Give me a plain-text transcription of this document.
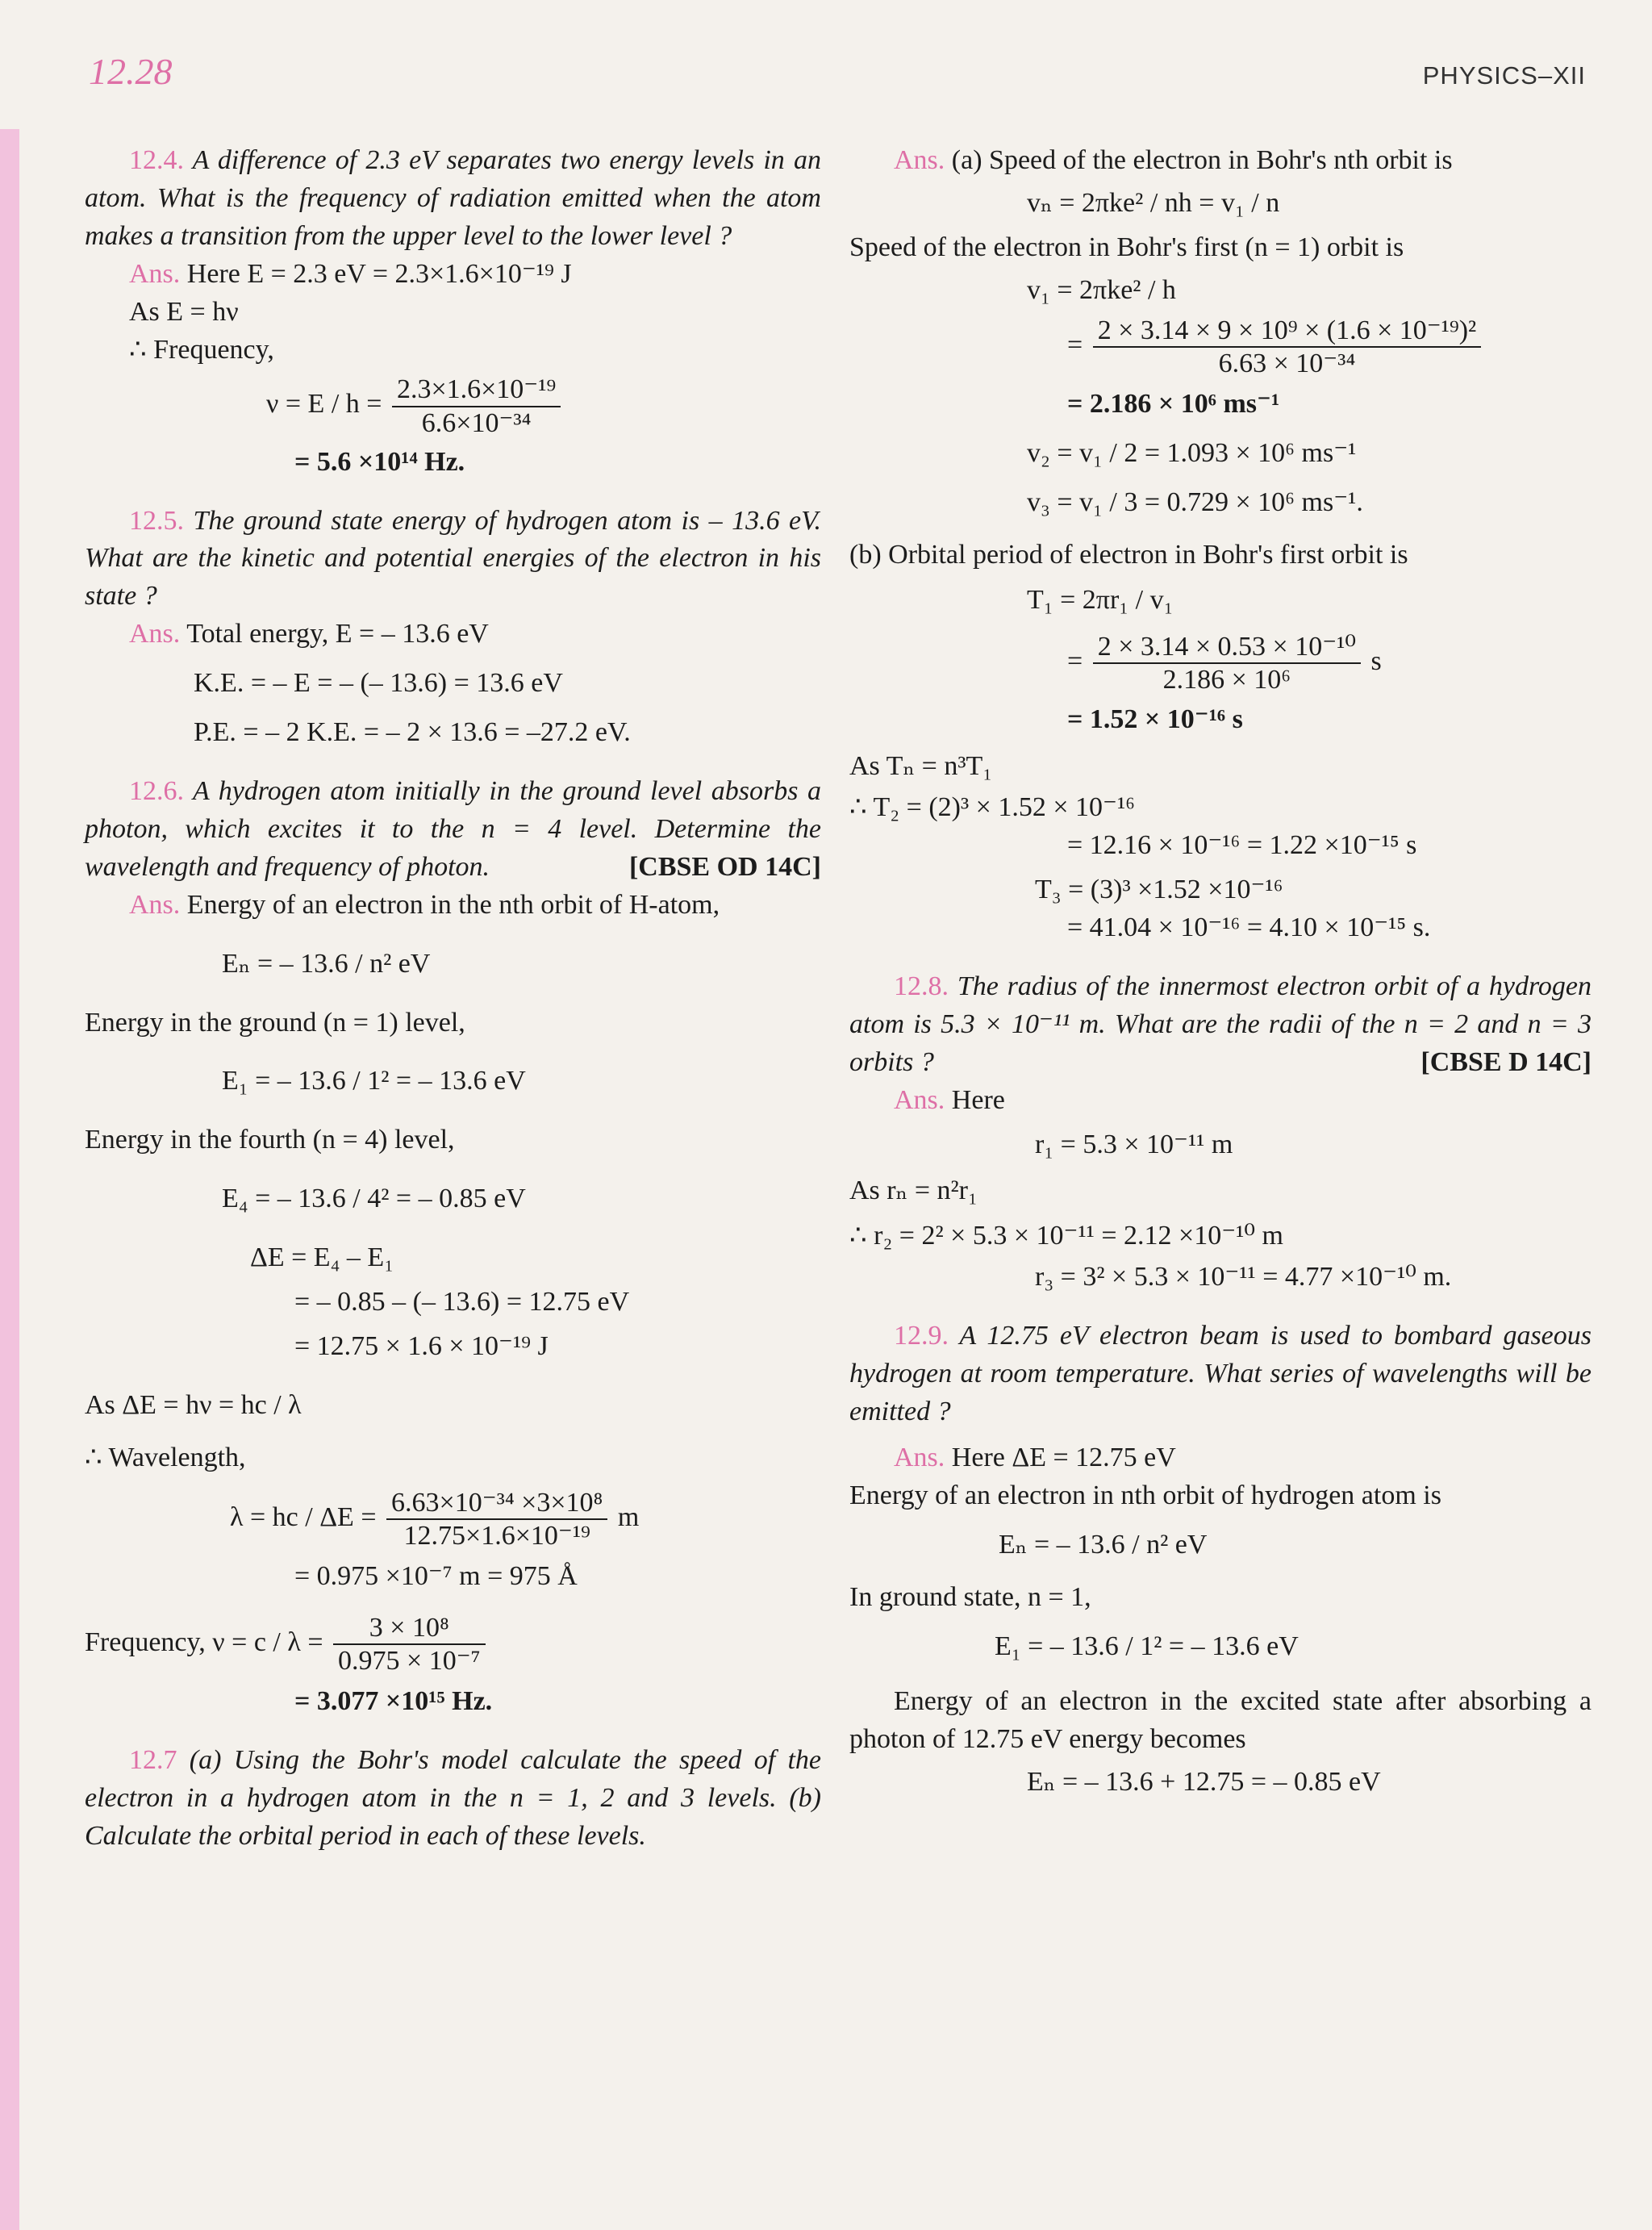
12.28	PHYSICS–XII

12.4. A difference of 2.3 eV separates two energy levels in an atom. What is the frequency of radiation emitted when the atom makes a transition from the upper level to the lower level ?

Ans. Here E = 2.3 eV = 2.3×1.6×10⁻¹⁹ J

As E = hν

∴ Frequency,

$\nu = E / h = \frac{\text{2.3×1.6×10⁻¹⁹}}{\text{6.6×10⁻³⁴}}$

= 5.6 ×10¹⁴ Hz.

12.5. The ground state energy of hydrogen atom is – 13.6 eV. What are the kinetic and potential energies of the electron in his state ?

Ans. Total energy, E = – 13.6 eV

K.E. = – E = – (– 13.6) = 13.6 eV

P.E. = – 2 K.E. = – 2 × 13.6 = –27.2 eV.

12.6. A hydrogen atom initially in the ground level absorbs a photon, which excites it to the n = 4 level. Determine the wavelength and frequency of photon.	[CBSE OD 14C]

Ans. Energy of an electron in the nth orbit of H-atom,

Eₙ = – 13.6 / n² eV

Energy in the ground (n = 1) level,

E₁ = – 13.6 / 1² = – 13.6 eV

Energy in the fourth (n = 4) level,

E₄ = – 13.6 / 4² = – 0.85 eV

ΔE = E₄ – E₁

= – 0.85 – (– 13.6) = 12.75 eV

= 12.75 × 1.6 × 10⁻¹⁹ J

As ΔE = hν = hc / λ

∴ Wavelength,

λ = hc / $\Delta E = \frac{\text{6.63×10⁻³⁴ ×3×10⁸}}{\text{12.75×1.6×10⁻¹⁹}}$ m

= 0.975 ×10⁻⁷ m = 975 Å

Frequency, $\nu = c / \lambda = \frac{\text{3 × 10⁸}}{\text{0.975 × 10⁻⁷}}$

= 3.077 ×10¹⁵ Hz.

12.7 (a) Using the Bohr's model calculate the speed of the electron in a hydrogen atom in the n = 1, 2 and 3 levels. (b) Calculate the orbital period in each of these levels.

Ans. (a) Speed of the electron in Bohr's nth orbit is

vₙ = 2πke² / nh = v₁ / n

Speed of the electron in Bohr's first (n = 1) orbit is

v₁ = 2πke² / h

= $\frac{\text{2 × 3.14 × 9 × 10⁹ × (1.6 × 10⁻¹⁹)²}}{\text{6.63 × 10⁻³⁴}}$

= 2.186 × 10⁶ ms⁻¹

v₂ = v₁ / 2 = 1.093 × 10⁶ ms⁻¹

v₃ = v₁ / 3 = 0.729 × 10⁶ ms⁻¹.

(b) Orbital period of electron in Bohr's first orbit is

T₁ = 2πr₁ / v₁

= $\frac{\text{2 × 3.14 × 0.53 × 10⁻¹⁰}}{\text{2.186 × 10⁶}}$ s

= 1.52 × 10⁻¹⁶ s

As Tₙ = n³T₁

∴ T₂ = (2)³ × 1.52 × 10⁻¹⁶

= 12.16 × 10⁻¹⁶ = 1.22 ×10⁻¹⁵ s

T₃ = (3)³ ×1.52 ×10⁻¹⁶

= 41.04 × 10⁻¹⁶ = 4.10 × 10⁻¹⁵ s.

12.8. The radius of the innermost electron orbit of a hydrogen atom is 5.3 × 10⁻¹¹ m. What are the radii of the n = 2 and n = 3 orbits ?	[CBSE D 14C]

Ans. Here

r₁ = 5.3 × 10⁻¹¹ m

As rₙ = n²r₁

∴ r₂ = 2² × 5.3 × 10⁻¹¹ = 2.12 ×10⁻¹⁰ m

r₃ = 3² × 5.3 × 10⁻¹¹ = 4.77 ×10⁻¹⁰ m.

12.9. A 12.75 eV electron beam is used to bombard gaseous hydrogen at room temperature. What series of wavelengths will be emitted ?

Ans. Here ΔE = 12.75 eV

Energy of an electron in nth orbit of hydrogen atom is

Eₙ = – 13.6 / n² eV

In ground state, n = 1,

E₁ = – 13.6 / 1² = – 13.6 eV

Energy of an electron in the excited state after absorbing a photon of 12.75 eV energy becomes

Eₙ = – 13.6 + 12.75 = – 0.85 eV
